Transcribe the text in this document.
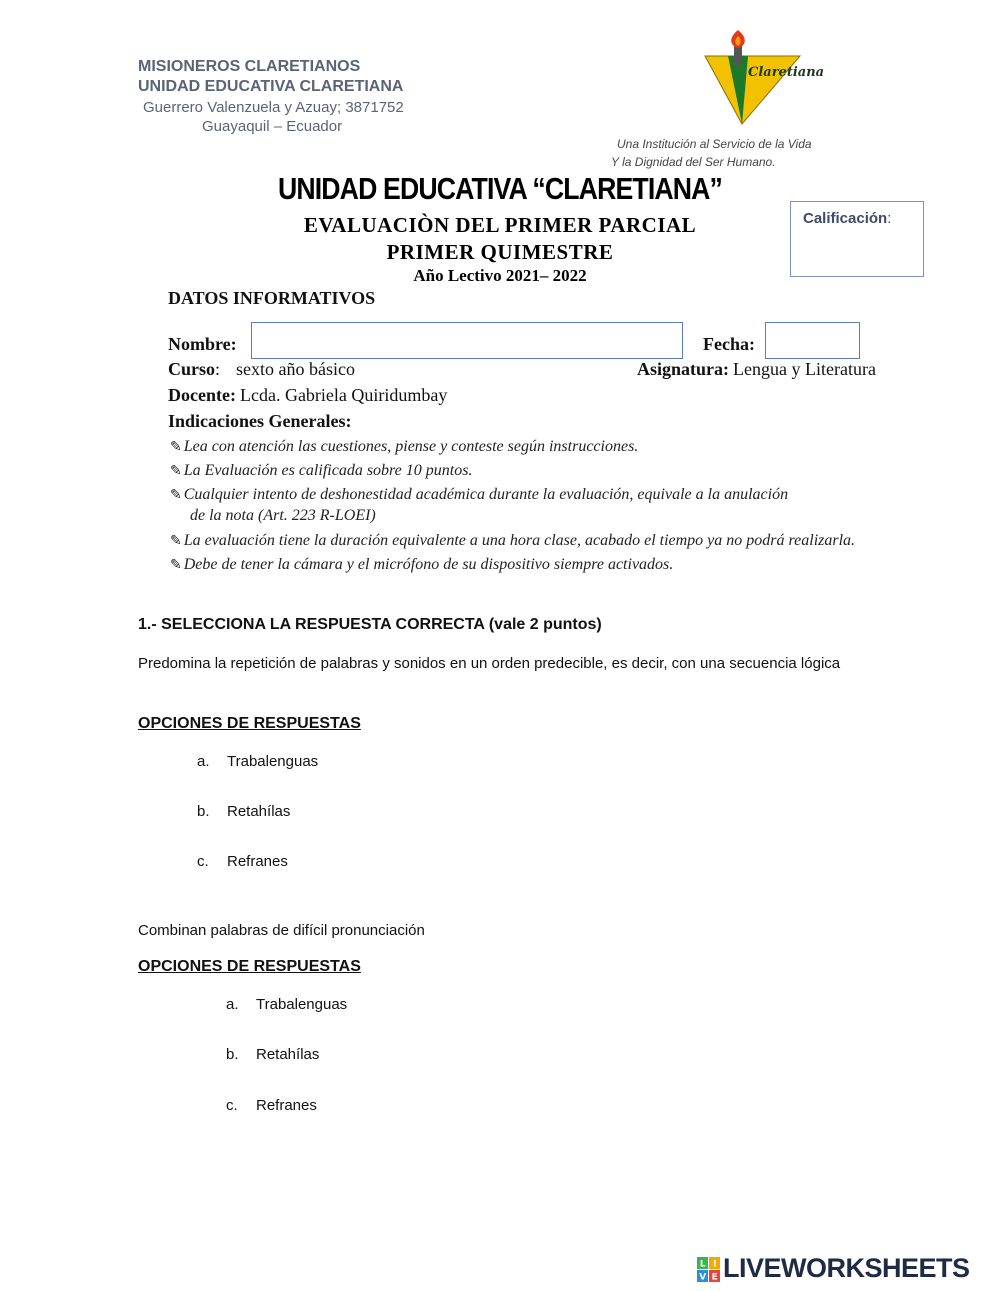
MISIONEROS CLARETIANOS
UNIDAD EDUCATIVA CLARETIANA
Guerrero Valenzuela y Azuay; 3871752
Guayaquil – Ecuador
Claretiana
Una Institución al Servicio de la Vida
Y la Dignidad del Ser Humano.
UNIDAD EDUCATIVA “CLARETIANA”
EVALUACIÒN DEL PRIMER PARCIAL
PRIMER QUIMESTRE
Año Lectivo 2021– 2022
Calificación:
DATOS INFORMATIVOS
Nombre:	Fecha:
Curso: sexto año básico	Asignatura: Lengua y Literatura
Docente: Lcda. Gabriela Quiridumbay
Indicaciones Generales:
✎ Lea con atención las cuestiones, piense y conteste según instrucciones.
✎ La Evaluación es calificada sobre 10 puntos.
✎ Cualquier intento de deshonestidad académica durante la evaluación, equivale a la anulación
de la nota (Art. 223 R-LOEI)
✎ La evaluación tiene la duración equivalente a una hora clase, acabado el tiempo ya no podrá realizarla.
✎ Debe de tener la cámara y el micrófono de su dispositivo siempre activados.
1.- SELECCIONA LA RESPUESTA CORRECTA (vale 2 puntos)
Predomina la repetición de palabras y sonidos en un orden predecible, es decir, con una secuencia lógica
OPCIONES DE RESPUESTAS
a. Trabalenguas
b. Retahílas
c. Refranes
Combinan palabras de difícil pronunciación
OPCIONES DE RESPUESTAS
a. Trabalenguas
b. Retahílas
c. Refranes
L I
V E LIVEWORKSHEETS
